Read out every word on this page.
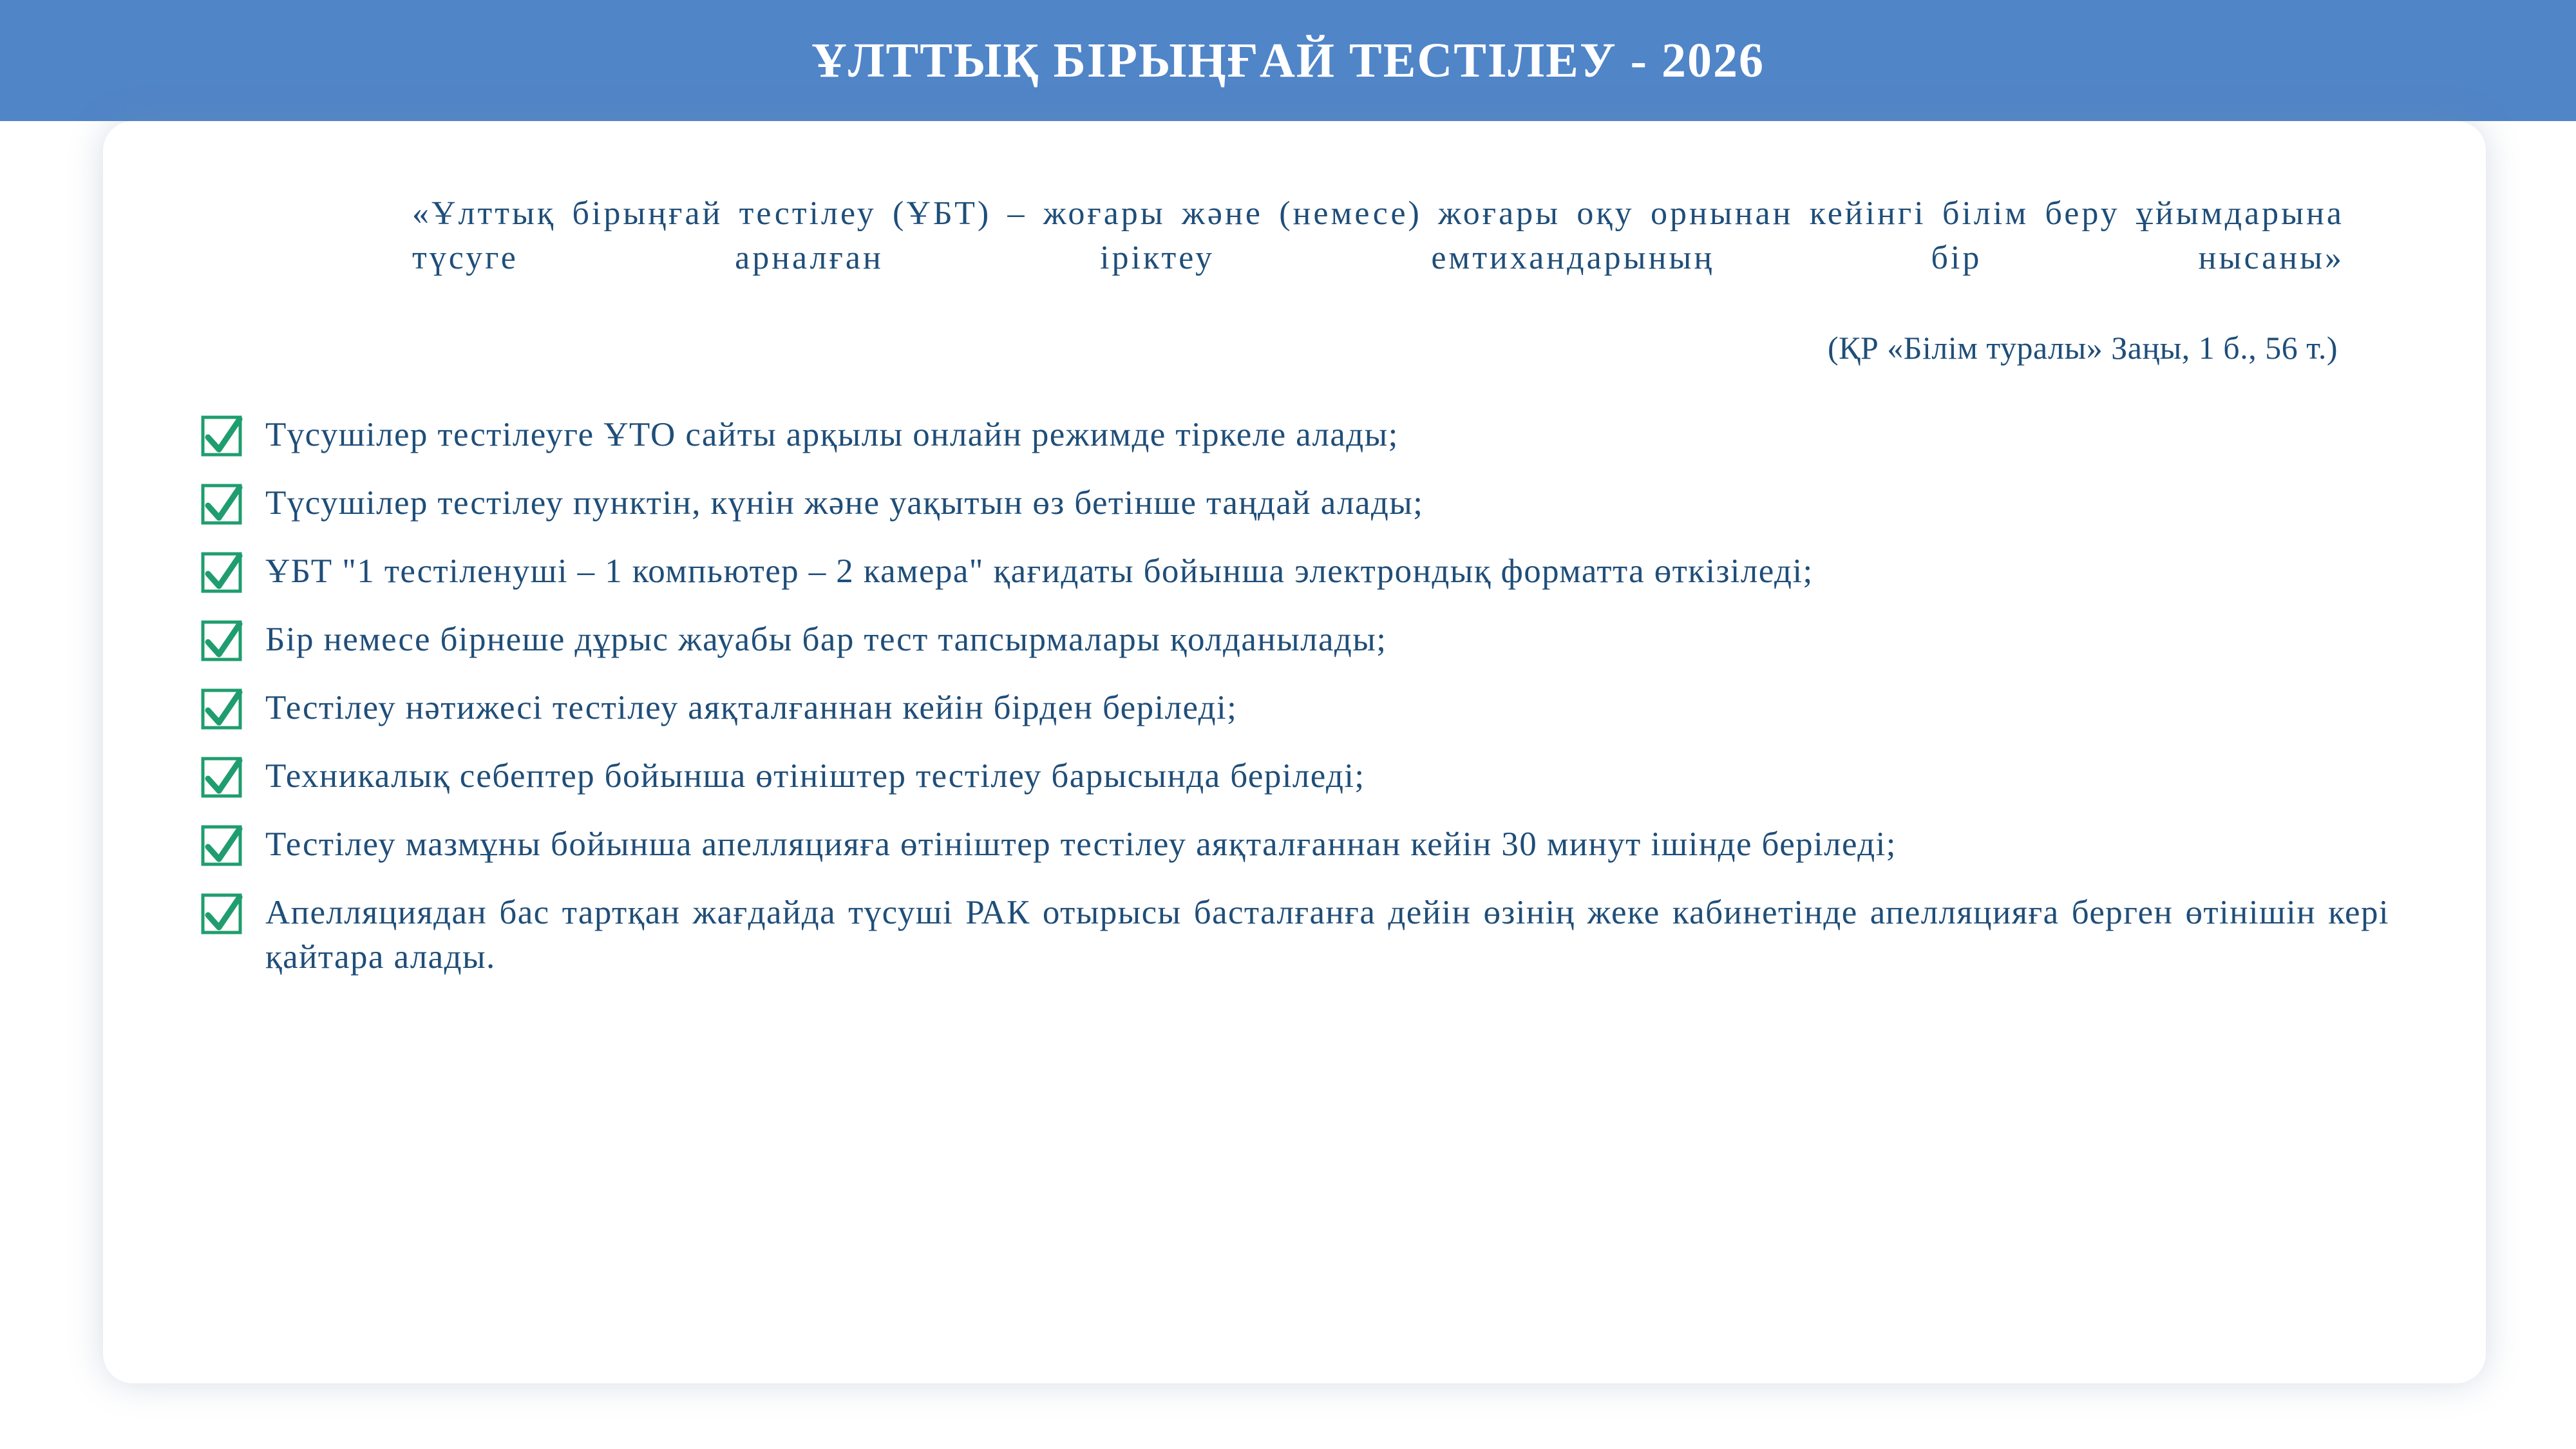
ҰЛТТЫҚ БІРЫҢҒАЙ ТЕСТІЛЕУ - 2026
«Ұлттық бірыңғай тестілеу (ҰБТ) – жоғары және (немесе) жоғары оқу орнынан кейінгі білім беру ұйымдарына түсуге арналған іріктеу емтихандарының бір нысаны»
(ҚР «Білім туралы» Заңы, 1 б., 56 т.)
Түсушілер тестілеуге ҰТО сайты арқылы онлайн режимде тіркеле алады;
Түсушілер тестілеу пунктін, күнін және уақытын өз бетінше таңдай алады;
ҰБТ "1 тестіленуші – 1 компьютер – 2 камера" қағидаты бойынша электрондық форматта өткізіледі;
Бір немесе бірнеше дұрыс жауабы бар тест тапсырмалары қолданылады;
Тестілеу нәтижесі тестілеу аяқталғаннан кейін бірден беріледі;
Техникалық себептер бойынша өтініштер тестілеу барысында беріледі;
Тестілеу мазмұны бойынша апелляцияға өтініштер тестілеу аяқталғаннан кейін 30 минут ішінде беріледі;
Апелляциядан бас тартқан жағдайда түсуші РАК отырысы басталғанға дейін өзінің жеке кабинетінде апелляцияға берген өтінішін кері қайтара алады.
